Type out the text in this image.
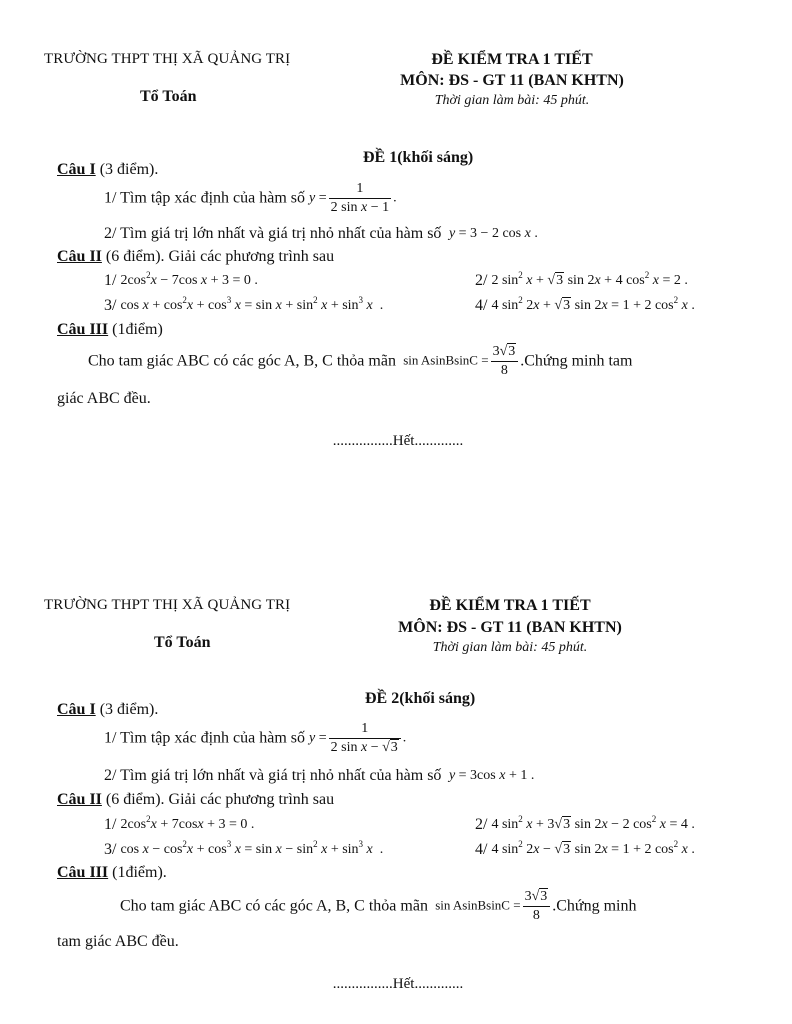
TRƯỜNG THPT THỊ XÃ QUẢNG TRỊ
Tổ Toán
ĐỀ KIỂM TRA 1 TIẾT
MÔN: ĐS - GT 11 (BAN KHTN)
Thời gian làm bài: 45 phút.
ĐỀ 1(khối sáng)
Câu I (3 điểm).
1/ Tìm tập xác định của hàm số $y = \frac{1}{\text{2 sin x − 1}}$ .
2/ Tìm giá trị lớn nhất và giá trị nhỏ nhất của hàm số y = 3 − 2 cos x .
Câu II (6 điểm). Giải các phương trình sau
1/ $2\cos^2x - 7\cos$ x + 3 = 0 .	2/ 2 $\sin^2 x + √3$ sin 2x + 4 $\cos^2 x = 2$ .
3/ $\cos x + \cos^2x + \cos^3 x = \sin x + \sin^2 x + \sin^3 x$  .	4/ 4 $\sin^2 2x + √3$ sin 2x = 1 + 2 $\cos^2 x$ .
Câu III (1điểm)
Cho tam giác ABC có các góc A, B, C thỏa mãn  sin AsinBsinC = $\frac{3√3}{8}$ .Chứng minh tam
giác ABC đều.
................Hết.............
TRƯỜNG THPT THỊ XÃ QUẢNG TRỊ
Tổ Toán
ĐỀ KIỂM TRA 1 TIẾT
MÔN: ĐS - GT 11 (BAN KHTN)
Thời gian làm bài: 45 phút.
ĐỀ 2(khối sáng)
Câu I (3 điểm).
1/ Tìm tập xác định của hàm số $y = \frac{1}{\text{2 sin x − √3}}$ .
2/ Tìm giá trị lớn nhất và giá trị nhỏ nhất của hàm số y = 3cos x + 1 .
Câu II (6 điểm). Giải các phương trình sau
1/ $2\cos^2x + 7\cos x + 3 = 0$ .	2/ 4 $\sin^2 x + 3√3$ sin 2x − 2 $\cos^2 x = 4$ .
3/ $\cos x - \cos^2x + \cos^3 x = \sin x - \sin^2 x + \sin^3 x$  .	4/ 4 $\sin^2 2x - √3$ sin 2x = 1 + 2 $\cos^2 x$ .
Câu III (1điểm).
Cho tam giác ABC có các góc A, B, C thỏa mãn  sin AsinBsinC = $\frac{3√3}{8}$ .Chứng minh
tam giác ABC đều.
................Hết.............
